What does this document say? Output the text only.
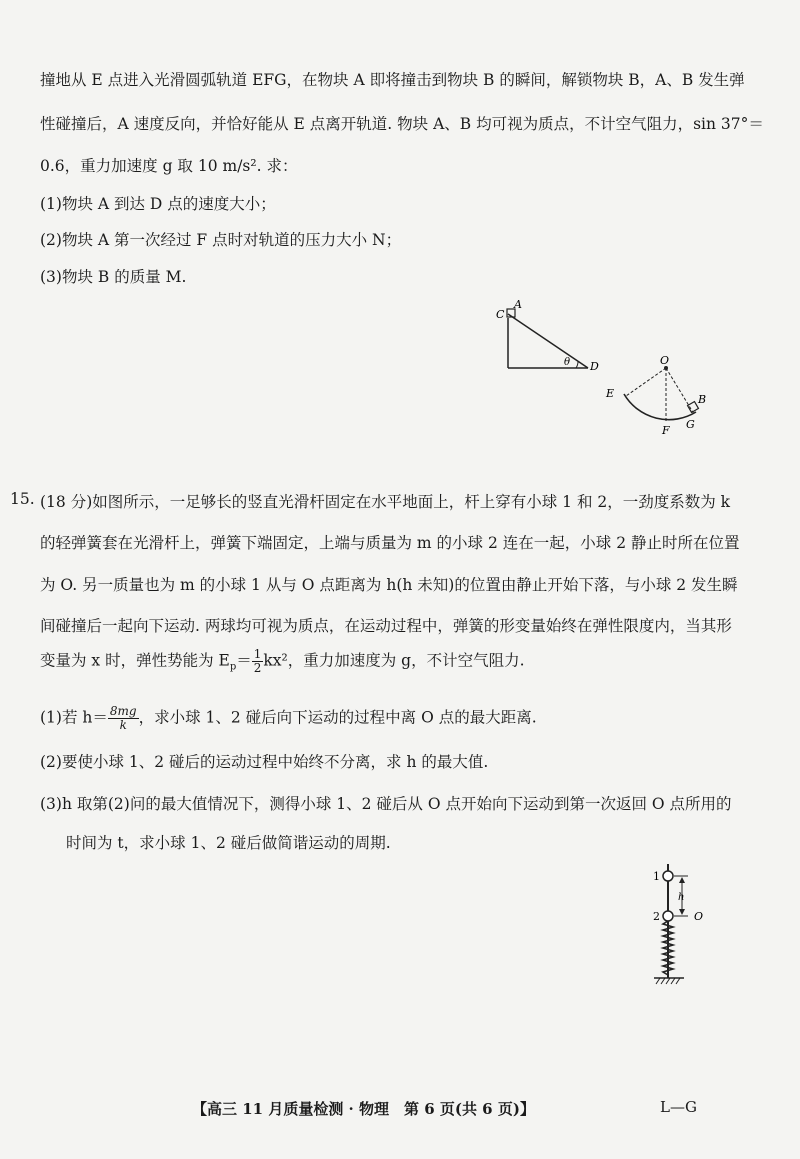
撞地从 E 点进入光滑圆弧轨道 EFG，在物块 A 即将撞击到物块 B 的瞬间，解锁物块 B，A、B 发生弹
性碰撞后，A 速度反向，并恰好能从 E 点离开轨道. 物块 A、B 均可视为质点，不计空气阻力，sin 37°＝
0.6，重力加速度 g 取 10 m/s². 求：
(1)物块 A 到达 D 点的速度大小；
(2)物块 A 第一次经过 F 点时对轨道的压力大小 N；
(3)物块 B 的质量 M.
A
C
θ D	O
E	B
F G
15. (18 分)如图所示，一足够长的竖直光滑杆固定在水平地面上，杆上穿有小球 1 和 2，一劲度系数为 k
的轻弹簧套在光滑杆上，弹簧下端固定，上端与质量为 m 的小球 2 连在一起，小球 2 静止时所在位置
为 O. 另一质量也为 m 的小球 1 从与 O 点距离为 h(h 未知)的位置由静止开始下落，与小球 2 发生瞬
间碰撞后一起向下运动. 两球均可视为质点，在运动过程中，弹簧的形变量始终在弹性限度内，当其形
变量为 x 时，弹性势能为 $E_p= \frac{1}{2} kx^2$，重力加速度为 g，不计空气阻力.
(1)若 $h= \frac{8mg}{k}$ ，求小球 1、2 碰后向下运动的过程中离 O 点的最大距离.
(2)要使小球 1、2 碰后的运动过程中始终不分离，求 h 的最大值.
(3)h 取第(2)问的最大值情况下，测得小球 1、2 碰后从 O 点开始向下运动到第一次返回 O 点所用的
时间为 t，求小球 1、2 碰后做简谐运动的周期.
1
2
h
O
【高三 11 月质量检测 · 物理　第 6 页(共 6 页)】	L—G
